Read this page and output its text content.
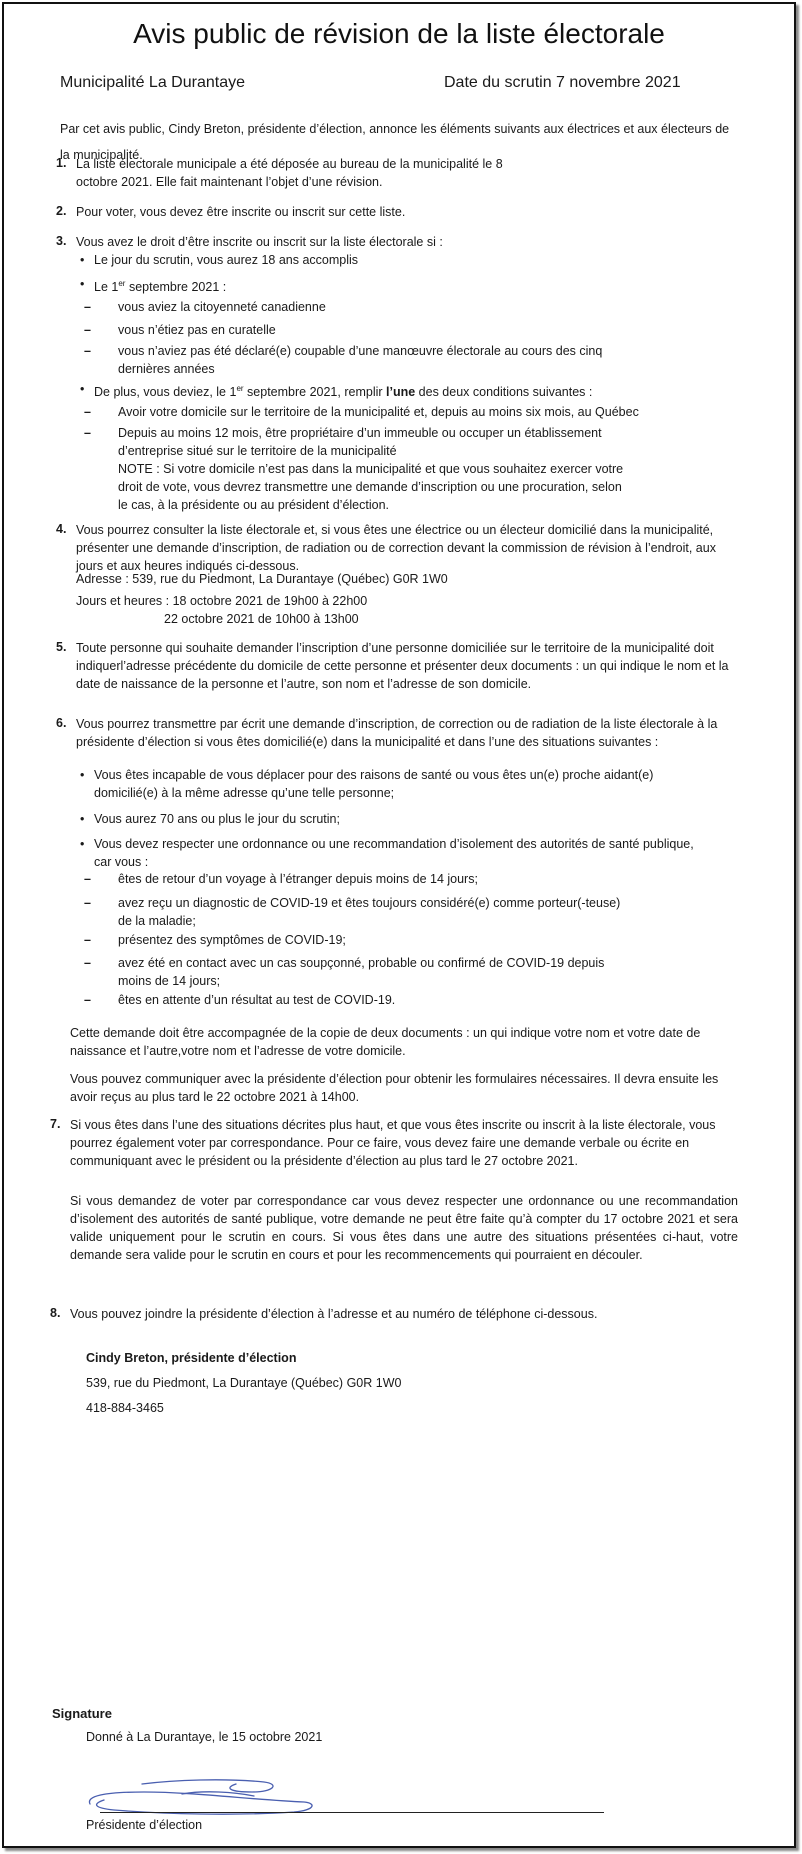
Avis public de révision de la liste électorale
Municipalité La Durantaye	Date du scrutin 7 novembre 2021
Par cet avis public, Cindy Breton, présidente d’élection, annonce les éléments suivants aux électrices et aux électeurs de la municipalité.
1. La liste électorale municipale a été déposée au bureau de la municipalité le 8 octobre 2021. Elle fait maintenant l’objet d’une révision.
2. Pour voter, vous devez être inscrite ou inscrit sur cette liste.
3. Vous avez le droit d’être inscrite ou inscrit sur la liste électorale si :
• Le jour du scrutin, vous aurez 18 ans accomplis
• Le 1er septembre 2021 :
– vous aviez la citoyenneté canadienne
– vous n’étiez pas en curatelle
– vous n’aviez pas été déclaré(e) coupable d’une manœuvre électorale au cours des cinq dernières années
• De plus, vous deviez, le 1er septembre 2021, remplir l’une des deux conditions suivantes :
– Avoir votre domicile sur le territoire de la municipalité et, depuis au moins six mois, au Québec
– Depuis au moins 12 mois, être propriétaire d’un immeuble ou occuper un établissement d’entreprise situé sur le territoire de la municipalité
NOTE : Si votre domicile n’est pas dans la municipalité et que vous souhaitez exercer votre droit de vote, vous devrez transmettre une demande d’inscription ou une procuration, selon le cas, à la présidente ou au président d’élection.
4. Vous pourrez consulter la liste électorale et, si vous êtes une électrice ou un électeur domicilié dans la municipalité, présenter une demande d’inscription, de radiation ou de correction devant la commission de révision à l’endroit, aux jours et aux heures indiqués ci-dessous.
Adresse : 539, rue du Piedmont, La Durantaye (Québec) G0R 1W0
Jours et heures : 18 octobre 2021 de 19h00 à 22h00
22 octobre 2021 de 10h00 à 13h00
5. Toute personne qui souhaite demander l’inscription d’une personne domiciliée sur le territoire de la municipalité doit indiquerl’adresse précédente du domicile de cette personne et présenter deux documents : un qui indique le nom et la date de naissance de la personne et l’autre, son nom et l’adresse de son domicile.
6. Vous pourrez transmettre par écrit une demande d’inscription, de correction ou de radiation de la liste électorale à la présidente d’élection si vous êtes domicilié(e) dans la municipalité et dans l’une des situations suivantes :
• Vous êtes incapable de vous déplacer pour des raisons de santé ou vous êtes un(e) proche aidant(e) domicilié(e) à la même adresse qu’une telle personne;
• Vous aurez 70 ans ou plus le jour du scrutin;
• Vous devez respecter une ordonnance ou une recommandation d’isolement des autorités de santé publique, car vous :
– êtes de retour d’un voyage à l’étranger depuis moins de 14 jours;
– avez reçu un diagnostic de COVID-19 et êtes toujours considéré(e) comme porteur(-teuse) de la maladie;
– présentez des symptômes de COVID-19;
– avez été en contact avec un cas soupçonné, probable ou confirmé de COVID-19 depuis moins de 14 jours;
– êtes en attente d’un résultat au test de COVID-19.
Cette demande doit être accompagnée de la copie de deux documents : un qui indique votre nom et votre date de naissance et l’autre,votre nom et l’adresse de votre domicile.
Vous pouvez communiquer avec la présidente d’élection pour obtenir les formulaires nécessaires. Il devra ensuite les avoir reçus au plus tard le 22 octobre 2021 à 14h00.
7. Si vous êtes dans l’une des situations décrites plus haut, et que vous êtes inscrite ou inscrit à la liste électorale, vous pourrez également voter par correspondance. Pour ce faire, vous devez faire une demande verbale ou écrite en communiquant avec le président ou la présidente d’élection au plus tard le 27 octobre 2021.
Si vous demandez de voter par correspondance car vous devez respecter une ordonnance ou une recommandation d’isolement des autorités de santé publique, votre demande ne peut être faite qu’à compter du 17 octobre 2021 et sera valide uniquement pour le scrutin en cours. Si vous êtes dans une autre des situations présentées ci-haut, votre demande sera valide pour le scrutin en cours et pour les recommencements qui pourraient en découler.
8. Vous pouvez joindre la présidente d’élection à l’adresse et au numéro de téléphone ci-dessous.
Cindy Breton, présidente d’élection
539, rue du Piedmont, La Durantaye (Québec) G0R 1W0
418-884-3465
Signature
Donné à La Durantaye, le 15 octobre 2021
Présidente d’élection
